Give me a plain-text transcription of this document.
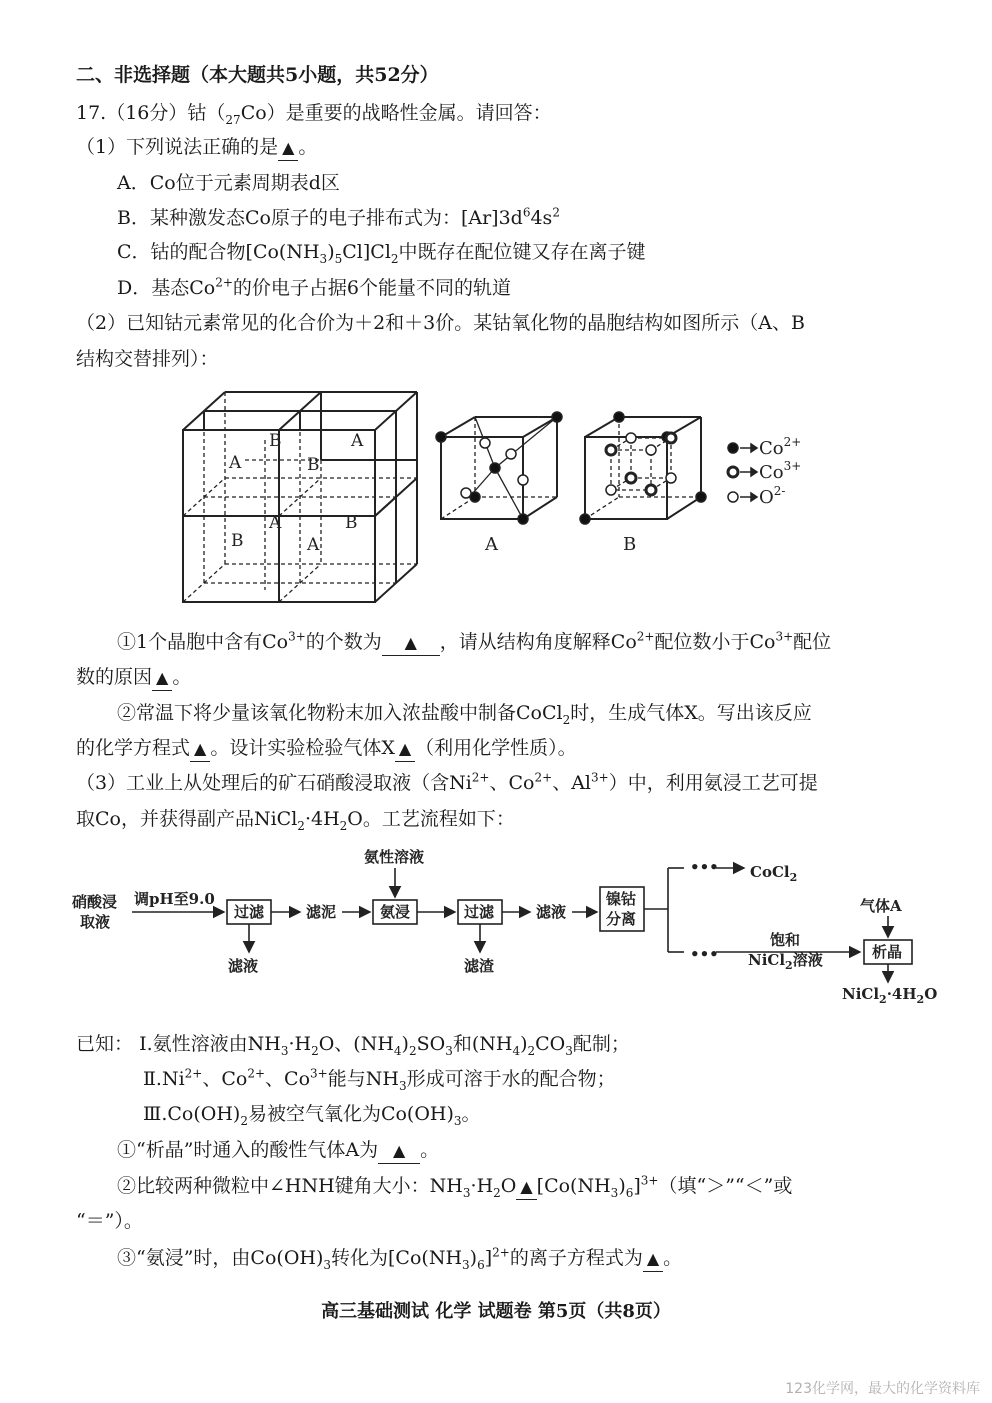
二、非选择题（本大题共5小题，共52分）
17.（16分）钴$(_{27}Co)$是重要的战略性金属。请回答：
（1）下列说法正确的是 ▲ 。
A．Co位于元素周期表d区
B．某种激发态Co原子的电子排布式为：$[Ar]3d^64s^2$
C．钴的配合物$[Co(NH_3)_5Cl]Cl_2$中既存在配位键又存在离子键
D．基态$Co^{2+}$的价电子占据6个能量不同的轨道
（2）已知钴元素常见的化合价为＋2和＋3价。某钴氧化物的晶胞结构如图所示（A、B
结构交替排列）：
A
B
B
A
A	B
B	A	A	B
$Co^{2+}$
$Co^{3+}$
$O^{2-}$
①1个晶胞中含有$Co^{3+}$的个数为 ▲ ，请从结构角度解释$Co^{2+}$配位数小于$Co^{3+}$配位
数的原因 ▲ 。
②常温下将少量该氧化物粉末加入浓盐酸中制备CoCl$_2$时，生成气体X。写出该反应
的化学方程式 ▲ 。设计实验检验气体X ▲ （利用化学性质）。
（3）工业上从处理后的矿石硝酸浸取液（含$Ni^{2+}$、$Co^{2+}$、$Al^{3+}$）中，利用氨浸工艺可提
取Co，并获得副产品$NiCl_2\cdot 4H_2O$。工艺流程如下：
硝酸浸
取液
调pH至9.0
过滤
滤液
滤泥
氨性溶液
氨浸	过滤
滤渣
滤液
镍钴
分离
•••
•••
CoCl$_2$
饱和
NiCl$_2$溶液
气体A
析晶
$NiCl_2\cdot 4H_2O$
已知： Ⅰ.氨性溶液由$NH_3\cdot H_2O$、$(NH_4)_2SO_3$和$(NH_4)_2CO_3$配制；
$Ⅱ.Ni^{2+}$、$Co^{2+}$、$Co^{3+}$能与$NH_3$形成可溶于水的配合物；
$Ⅲ.Co(OH)_2$易被空气氧化为$Co(OH)_3$。
①“析晶”时通入的酸性气体A为 ▲ 。
②比较两种微粒中∠HNH键角大小：$NH_3\cdot H_2O$ ▲ $[Co(NH_3)_6]^{3+}$（填“＞”“＜”或
“＝”）。
③“氨浸”时，由$Co(OH)_3$转化为$[Co(NH_3)_6]^{2+}$的离子方程式为 ▲ 。
高三基础测试 化学 试题卷 第5页（共8页）
123化学网，最大的化学资料库
